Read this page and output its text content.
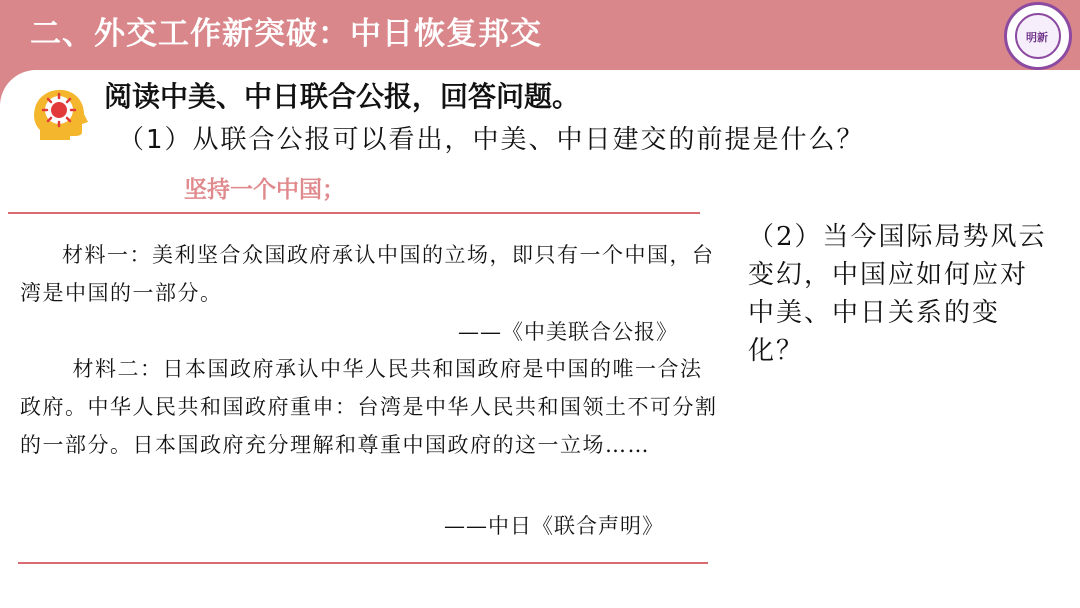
二、外交工作新突破：中日恢复邦交	明新
阅读中美、中日联合公报，回答问题。
（1）从联合公报可以看出，中美、中日建交的前提是什么？
坚持一个中国；
材料一：美利坚合众国政府承认中国的立场，即只有一个中国，台湾是中国的一部分。
——《中美联合公报》
材料二：日本国政府承认中华人民共和国政府是中国的唯一合法政府。中华人民共和国政府重申：台湾是中华人民共和国领土不可分割的一部分。日本国政府充分理解和尊重中国政府的这一立场……
——中日《联合声明》
（2）当今国际局势风云变幻，中国应如何应对中美、中日关系的变化？
